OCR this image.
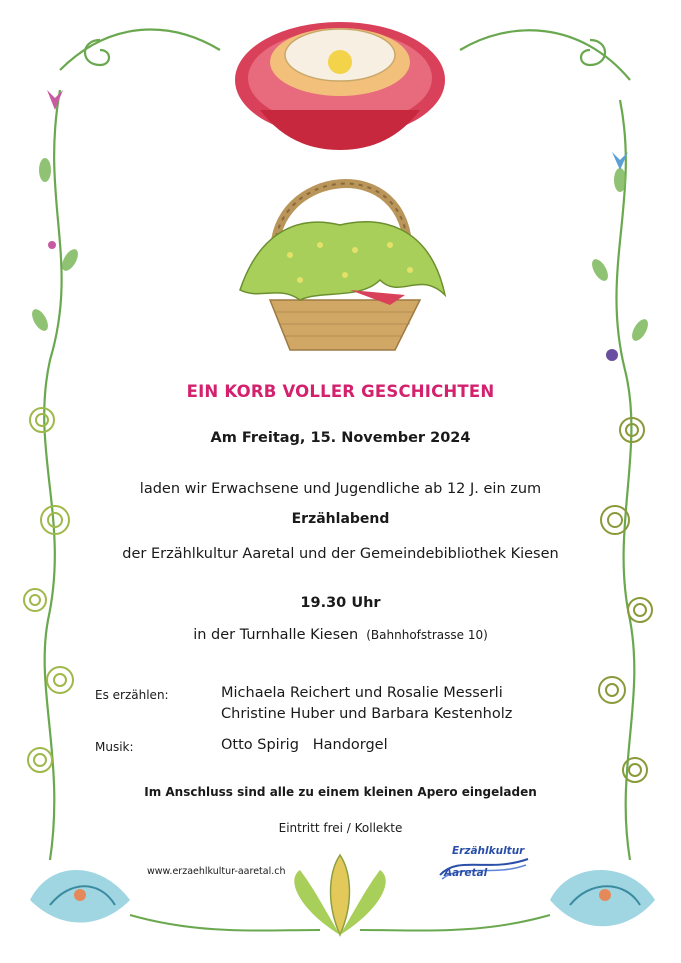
EIN KORB VOLLER GESCHICHTEN
Am Freitag, 15. November 2024
laden wir Erwachsene und Jugendliche ab 12 J. ein zum
Erzählabend
der Erzählkultur Aaretal und der Gemeindebibliothek Kiesen
19.30 Uhr
in der Turnhalle Kiesen (Bahnhofstrasse 10)
Es erzählen:	Michaela Reichert und Rosalie Messerli
Christine Huber und Barbara Kestenholz
Musik:	Otto Spirig   Handorgel
Im Anschluss sind alle zu einem kleinen Apero eingeladen
Eintritt frei / Kollekte
www.erzaehlkultur-aaretal.ch
Erzählkultur
Aaretal
